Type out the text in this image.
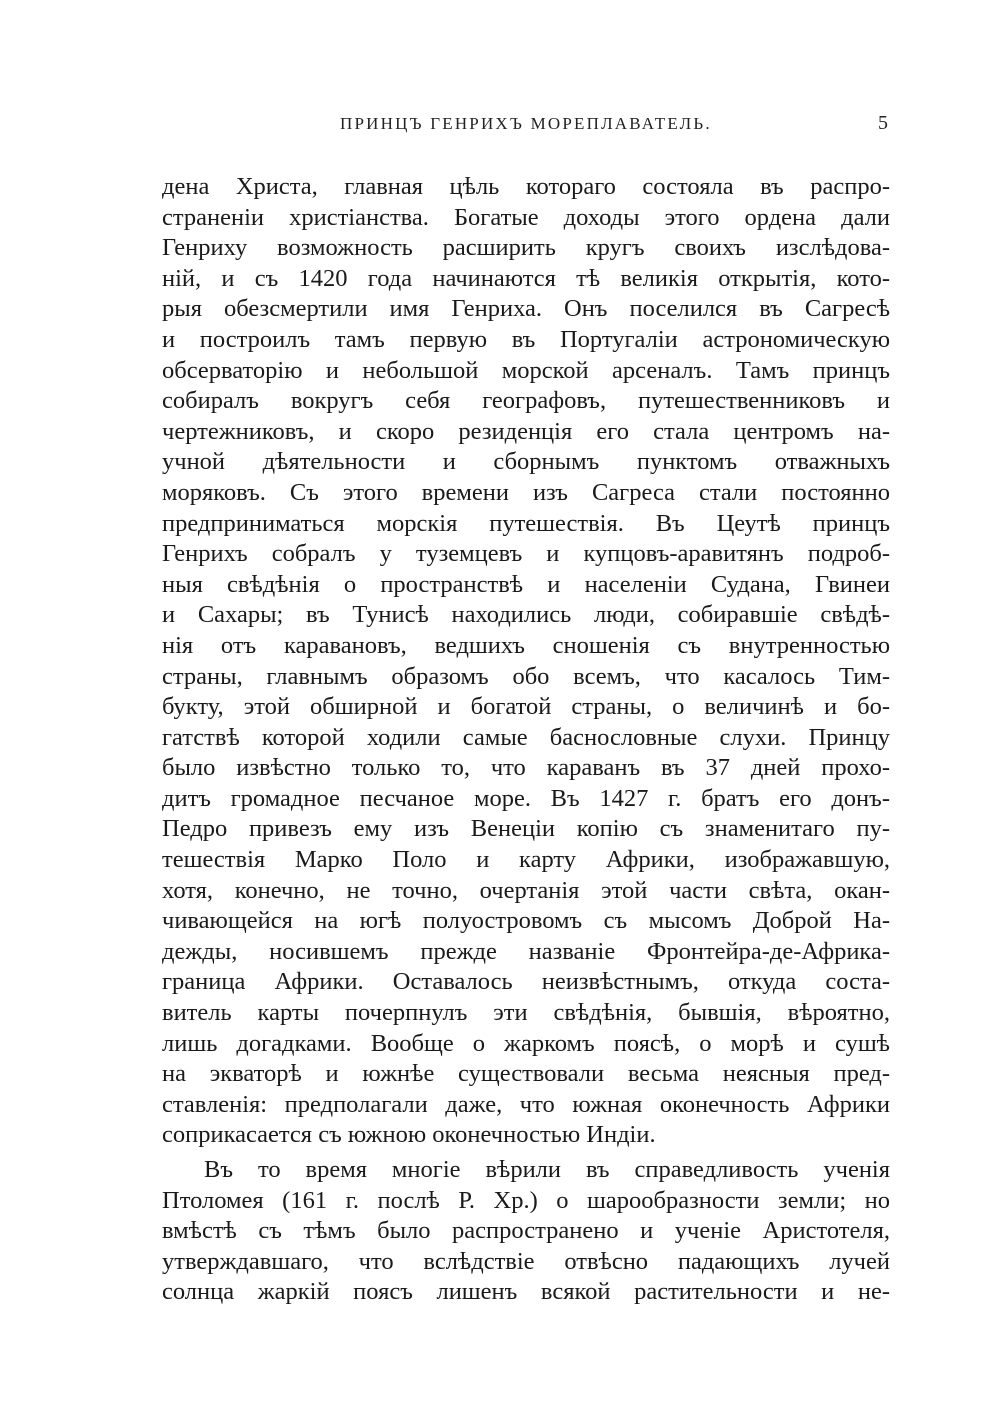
ПРИНЦЪ ГЕНРИХЪ МОРЕПЛАВАТЕЛЬ.	5
дена Христа, главная цѣль котораго состояла въ распро-
страненіи христіанства. Богатые доходы этого ордена дали
Генриху возможность расширить кругъ своихъ изслѣдова-
ній, и съ 1420 года начинаются тѣ великія открытія, кото-
рыя обезсмертили имя Генриха. Онъ поселился въ Сагресѣ
и построилъ тамъ первую въ Португаліи астрономическую
обсерваторію и небольшой морской арсеналъ. Тамъ принцъ
собиралъ вокругъ себя географовъ, путешественниковъ и
чертежниковъ, и скоро резиденція его стала центромъ на-
учной дѣятельности и сборнымъ пунктомъ отважныхъ
моряковъ. Съ этого времени изъ Сагреса стали постоянно
предприниматься морскія путешествія. Въ Цеутѣ принцъ
Генрихъ собралъ у туземцевъ и купцовъ-аравитянъ подроб-
ныя свѣдѣнія о пространствѣ и населеніи Судана, Гвинеи
и Сахары; въ Тунисѣ находились люди, собиравшіе свѣдѣ-
нія отъ каравановъ, ведшихъ сношенія съ внутренностью
страны, главнымъ образомъ обо всемъ, что касалось Тим-
букту, этой обширной и богатой страны, о величинѣ и бо-
гатствѣ которой ходили самые баснословные слухи. Принцу
было извѣстно только то, что караванъ въ 37 дней прохо-
дитъ громадное песчаное море. Въ 1427 г. братъ его донъ-
Педро привезъ ему изъ Венеціи копію съ знаменитаго пу-
тешествія Марко Поло и карту Африки, изображавшую,
хотя, конечно, не точно, очертанія этой части свѣта, окан-
чивающейся на югѣ полуостровомъ съ мысомъ Доброй На-
дежды, носившемъ прежде названіе Фронтейра-де-Африка-
граница Африки. Оставалось неизвѣстнымъ, откуда соста-
витель карты почерпнулъ эти свѣдѣнія, бывшія, вѣроятно,
лишь догадками. Вообще о жаркомъ поясѣ, о морѣ и сушѣ
на экваторѣ и южнѣе существовали весьма неясныя пред-
ставленія: предполагали даже, что южная оконечность Африки
соприкасается съ южною оконечностью Индіи.
Въ то время многіе вѣрили въ справедливость ученія
Птоломея (161 г. послѣ Р. Хр.) о шарообразности земли; но
вмѣстѣ съ тѣмъ было распространено и ученіе Аристотеля,
утверждавшаго, что вслѣдствіе отвѣсно падающихъ лучей
солнца жаркій поясъ лишенъ всякой растительности и не-
